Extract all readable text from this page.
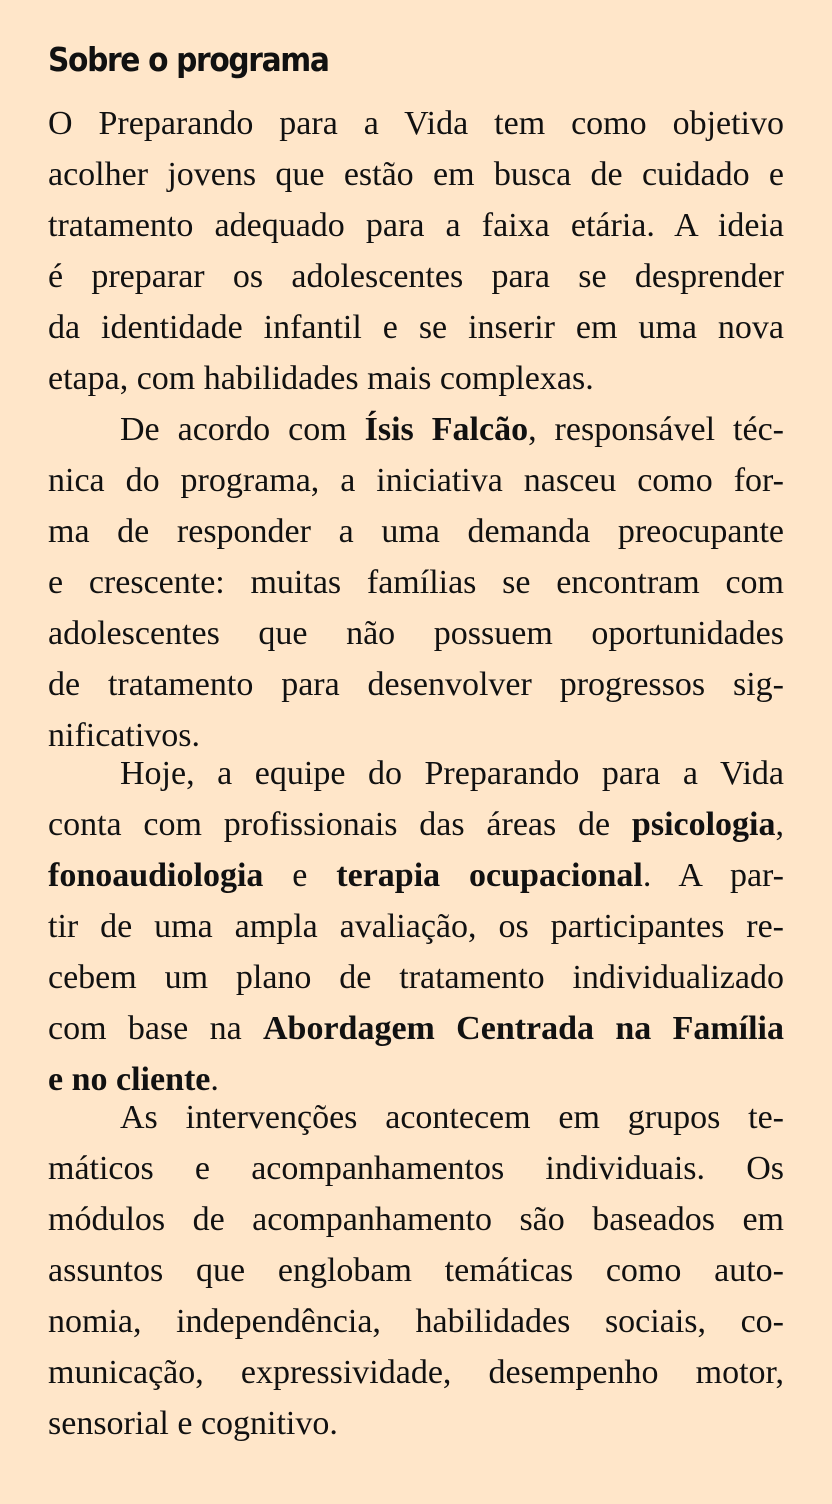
Sobre o programa
O Preparando para a Vida tem como objetivo
acolher jovens que estão em busca de cuidado e
tratamento adequado para a faixa etária. A ideia
é preparar os adolescentes para se desprender
da identidade infantil e se inserir em uma nova
etapa, com habilidades mais complexas.
De acordo com Ísis Falcão, responsável téc-
nica do programa, a iniciativa nasceu como for-
ma de responder a uma demanda preocupante
e crescente: muitas famílias se encontram com
adolescentes que não possuem oportunidades
de tratamento para desenvolver progressos sig-
nificativos.
Hoje, a equipe do Preparando para a Vida
conta com profissionais das áreas de psicologia,
fonoaudiologia e terapia ocupacional. A par-
tir de uma ampla avaliação, os participantes re-
cebem um plano de tratamento individualizado
com base na Abordagem Centrada na Família
e no cliente.
As intervenções acontecem em grupos te-
máticos e acompanhamentos individuais. Os
módulos de acompanhamento são baseados em
assuntos que englobam temáticas como auto-
nomia, independência, habilidades sociais, co-
municação, expressividade, desempenho motor,
sensorial e cognitivo.
